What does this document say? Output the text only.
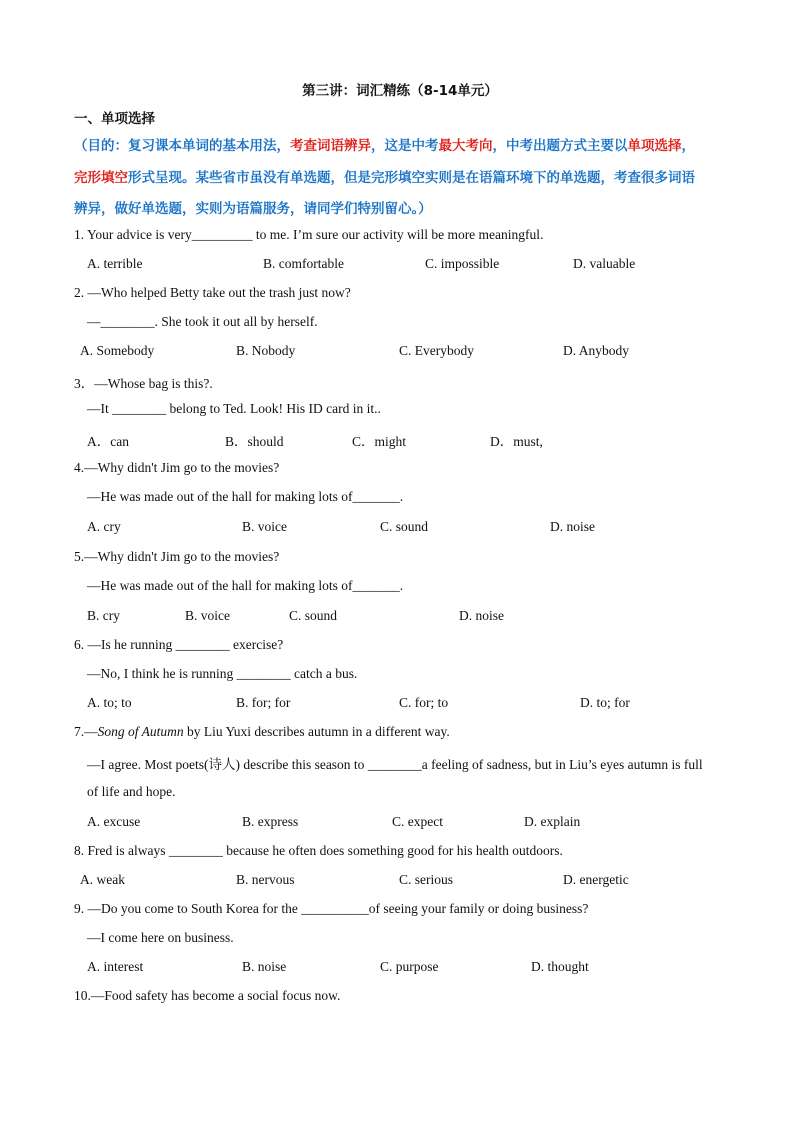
第三讲：词汇精练（8-14单元）
一、单项选择
（目的：复习课本单词的基本用法，考查词语辨异，这是中考最大考向，中考出题方式主要以单项选择，
完形填空形式呈现。某些省市虽没有单选题，但是完形填空实则是在语篇环境下的单选题，考查很多词语
辨异，做好单选题，实则为语篇服务，请同学们特别留心。）
1. Your advice is very_________ to me. I’m sure our activity will be more meaningful.
A. terrible	B. comfortable	C. impossible	D. valuable
2. —Who helped Betty take out the trash just now?
—________. She took it out all by herself.
A. Somebody	B. Nobody	C. Everybody	D. Anybody
3．—Whose bag is this?.
—It ________ belong to Ted. Look! His ID card in it..
A．can	B．should	C．might	D．must,
4.—Why didn't Jim go to the movies?
—He was made out of the hall for making lots of_______.
A. cry	B. voice	C. sound	D. noise
5.—Why didn't Jim go to the movies?
—He was made out of the hall for making lots of_______.
B. cry	B. voice	C. sound	D. noise
6. —Is he running ________ exercise?
—No, I think he is running ________ catch a bus.
A. to; to	B. for; for	C. for; to	D. to; for
7.—Song of Autumn by Liu Yuxi describes autumn in a different way.
—I agree. Most poets(诗人) describe this season to ________a feeling of sadness, but in Liu’s eyes autumn is full
of life and hope.
A. excuse	B. express	C. expect	D. explain
8. Fred is always ________ because he often does something good for his health outdoors.
A. weak	B. nervous	C. serious	D. energetic
9. —Do you come to South Korea for the __________of seeing your family or doing business?
—I come here on business.
A. interest	B. noise	C. purpose	D. thought
10.—Food safety has become a social focus now.
